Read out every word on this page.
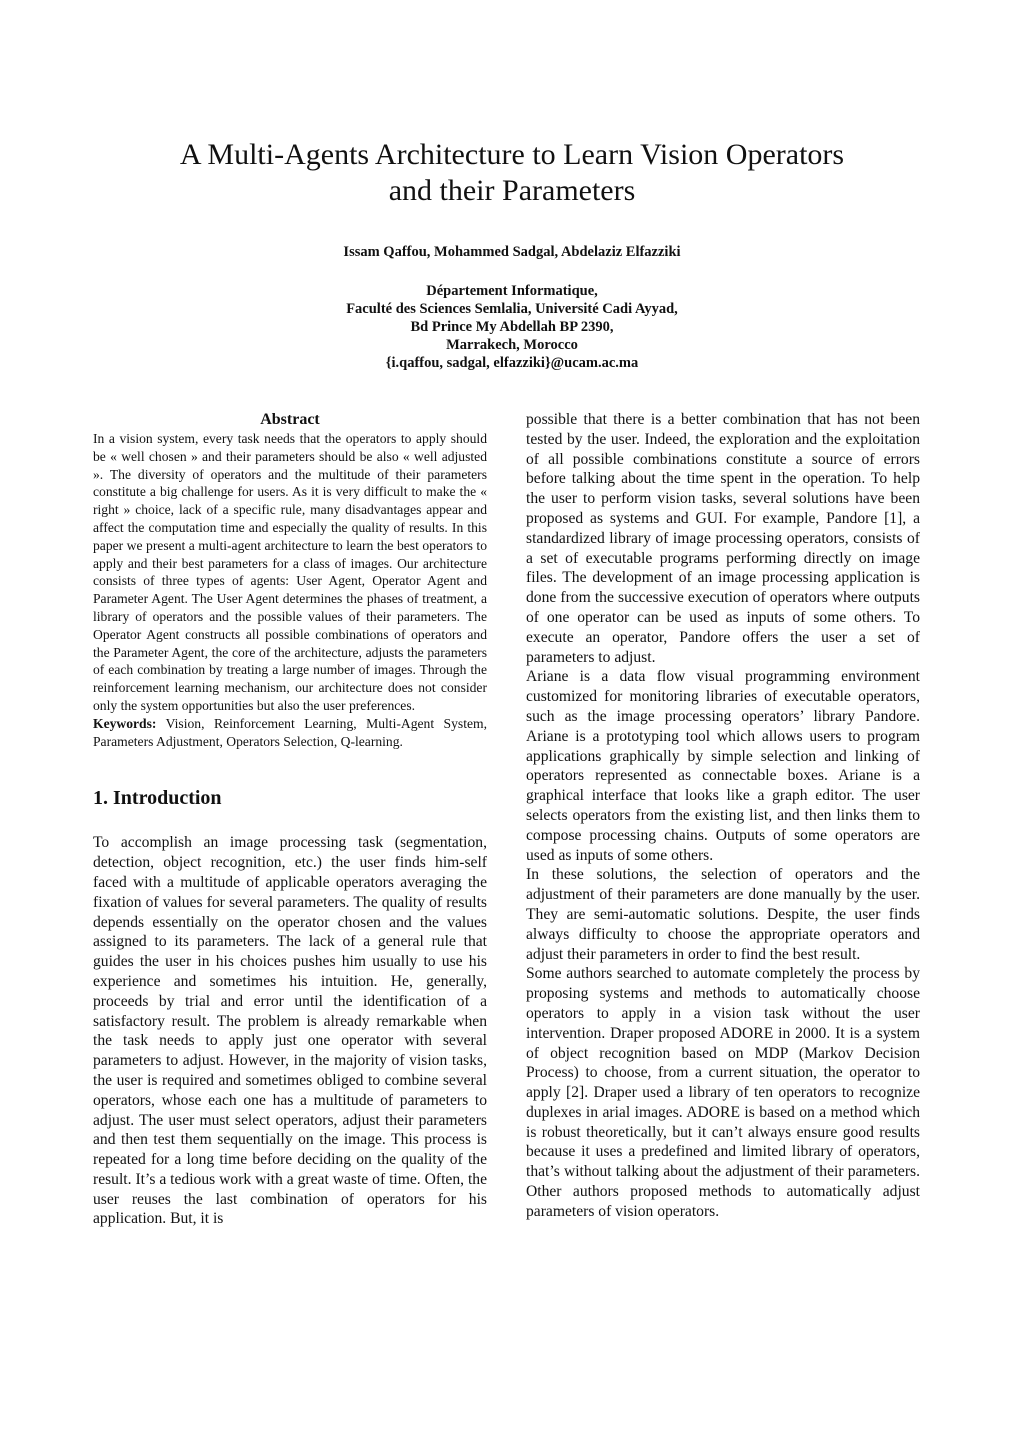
A Multi-Agents Architecture to Learn Vision Operators
and their Parameters

Issam Qaffou, Mohammed Sadgal, Abdelaziz Elfazziki

Département Informatique,
Faculté des Sciences Semlalia, Université Cadi Ayyad,
Bd Prince My Abdellah BP 2390,
Marrakech, Morocco
{i.qaffou, sadgal, elfazziki}@ucam.ac.ma
Abstract

In a vision system, every task needs that the operators to apply should be « well chosen » and their parameters should be also « well adjusted ». The diversity of operators and the multitude of their parameters constitute a big challenge for users. As it is very difficult to make the « right » choice, lack of a specific rule, many disadvantages appear and affect the computation time and especially the quality of results. In this paper we present a multi-agent architecture to learn the best operators to apply and their best parameters for a class of images. Our architecture consists of three types of agents: User Agent, Operator Agent and Parameter Agent. The User Agent determines the phases of treatment, a library of operators and the possible values of their parameters. The Operator Agent constructs all possible combinations of operators and the Parameter Agent, the core of the architecture, adjusts the parameters of each combination by treating a large number of images. Through the reinforcement learning mechanism, our architecture does not consider only the system opportunities but also the user preferences.

Keywords: Vision, Reinforcement Learning, Multi-Agent System, Parameters Adjustment, Operators Selection, Q-learning.

1. Introduction

To accomplish an image processing task (segmentation, detection, object recognition, etc.) the user finds him-self faced with a multitude of applicable operators averaging the fixation of values for several parameters. The quality of results depends essentially on the operator chosen and the values assigned to its parameters. The lack of a general rule that guides the user in his choices pushes him usually to use his experience and sometimes his intuition. He, generally, proceeds by trial and error until the identification of a satisfactory result. The problem is already remarkable when the task needs to apply just one operator with several parameters to adjust. However, in the majority of vision tasks, the user is required and sometimes obliged to combine several operators, whose each one has a multitude of parameters to adjust. The user must select operators, adjust their parameters and then test them sequentially on the image. This process is repeated for a long time before deciding on the quality of the result. It’s a tedious work with a great waste of time. Often, the user reuses the last combination of operators for his application. But, it is

possible that there is a better combination that has not been tested by the user. Indeed, the exploration and the exploitation of all possible combinations constitute a source of errors before talking about the time spent in the operation. To help the user to perform vision tasks, several solutions have been proposed as systems and GUI. For example, Pandore [1], a standardized library of image processing operators, consists of a set of executable programs performing directly on image files. The development of an image processing application is done from the successive execution of operators where outputs of one operator can be used as inputs of some others. To execute an operator, Pandore offers the user a set of parameters to adjust.

Ariane is a data flow visual programming environment customized for monitoring libraries of executable operators, such as the image processing operators’ library Pandore. Ariane is a prototyping tool which allows users to program applications graphically by simple selection and linking of operators represented as connectable boxes. Ariane is a graphical interface that looks like a graph editor. The user selects operators from the existing list, and then links them to compose processing chains. Outputs of some operators are used as inputs of some others.

In these solutions, the selection of operators and the adjustment of their parameters are done manually by the user. They are semi-automatic solutions. Despite, the user finds always difficulty to choose the appropriate operators and adjust their parameters in order to find the best result.

Some authors searched to automate completely the process by proposing systems and methods to automatically choose operators to apply in a vision task without the user intervention. Draper proposed ADORE in 2000. It is a system of object recognition based on MDP (Markov Decision Process) to choose, from a current situation, the operator to apply [2]. Draper used a library of ten operators to recognize duplexes in arial images. ADORE is based on a method which is robust theoretically, but it can’t always ensure good results because it uses a predefined and limited library of operators, that’s without talking about the adjustment of their parameters. Other authors proposed methods to automatically adjust parameters of vision operators.
